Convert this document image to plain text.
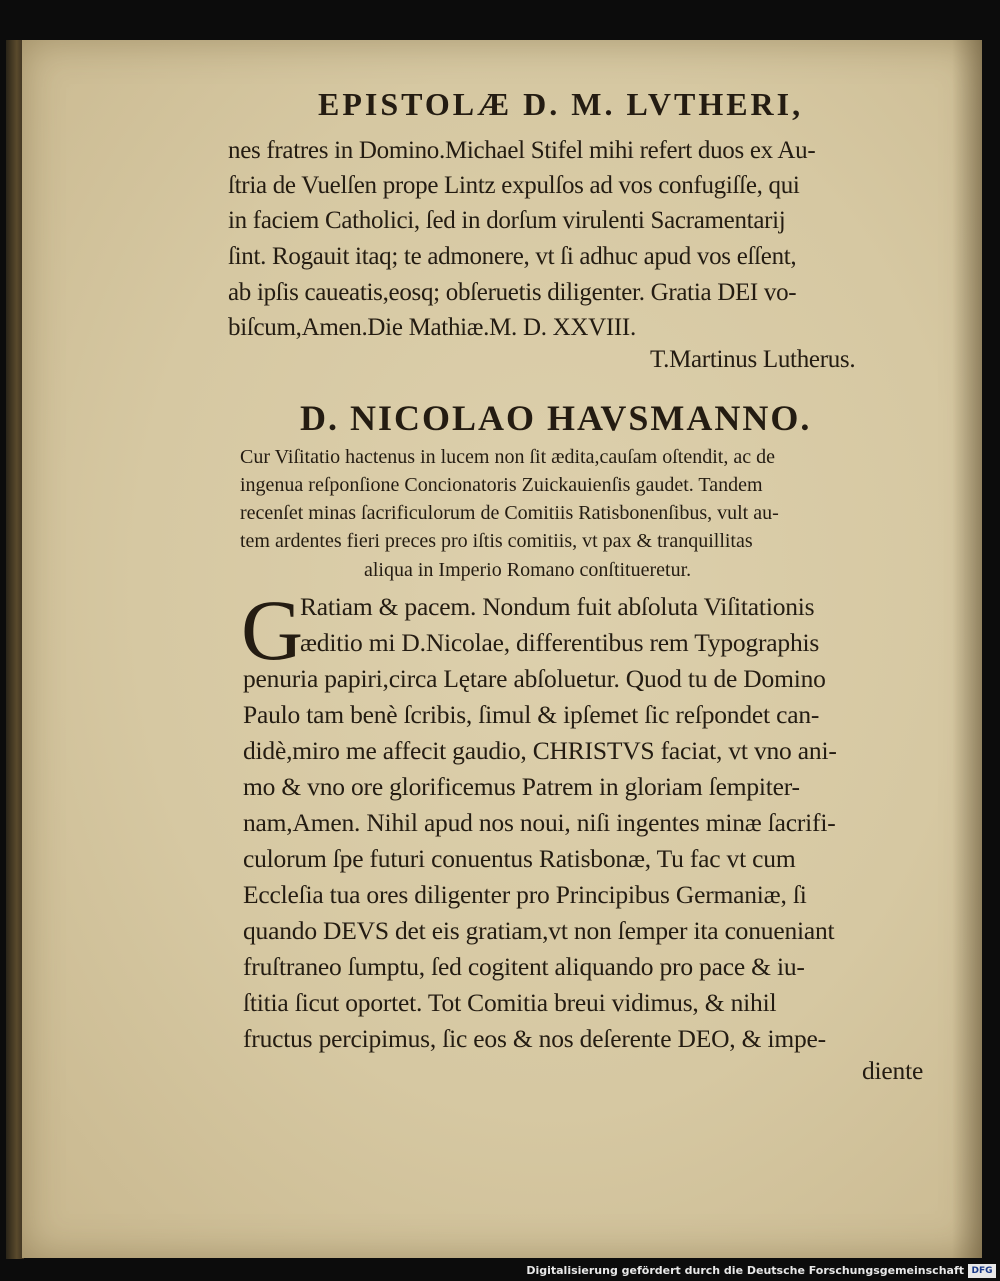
EPISTOLÆ D. M. LVTHERI,

nes fratres in Domino.Michael Stifel mihi refert duos ex Au-

ſtria de Vuelſen prope Lintz expulſos ad vos confugiſſe, qui

in faciem Catholici, ſed in dorſum virulenti Sacramentarij

ſint. Rogauit itaq; te admonere, vt ſi adhuc apud vos eſſent,

ab ipſis caueatis,eosq; obſeruetis diligenter. Gratia DEI vo-

biſcum,Amen.Die Mathiæ.M. D. XXVIII.

T.Martinus Lutherus.

D. NICOLAO HAVSMANNO.

Cur Viſitatio hactenus in lucem non ſit ædita,cauſam oſtendit, ac de

ingenua reſponſione Concionatoris Zuickauienſis gaudet. Tandem

recenſet minas ſacrificulorum de Comitiis Ratisbonenſibus, vult au-

tem ardentes fieri preces pro iſtis comitiis, vt pax & tranquillitas

aliqua in Imperio Romano conſtitueretur.

G

Ratiam & pacem. Nondum fuit abſoluta Viſitationis

æditio mi D.Nicolae, differentibus rem Typographis

penuria papiri,circa Lętare abſoluetur. Quod tu de Domino

Paulo tam benè ſcribis, ſimul & ipſemet ſic reſpondet can-

didè,miro me affecit gaudio, CHRISTVS faciat, vt vno ani-

mo & vno ore glorificemus Patrem in gloriam ſempiter-

nam,Amen. Nihil apud nos noui, niſi ingentes minæ ſacrifi-

culorum ſpe futuri conuentus Ratisbonæ, Tu fac vt cum

Eccleſia tua ores diligenter pro Principibus Germaniæ, ſi

quando DEVS det eis gratiam,vt non ſemper ita conueniant

fruſtraneo ſumptu, ſed cogitent aliquando pro pace & iu-

ſtitia ſicut oportet. Tot Comitia breui vidimus, & nihil

fructus percipimus, ſic eos & nos deſerente DEO, & impe-

diente

Digitalisierung gefördert durch die Deutsche Forschungsgemeinschaft DFG
